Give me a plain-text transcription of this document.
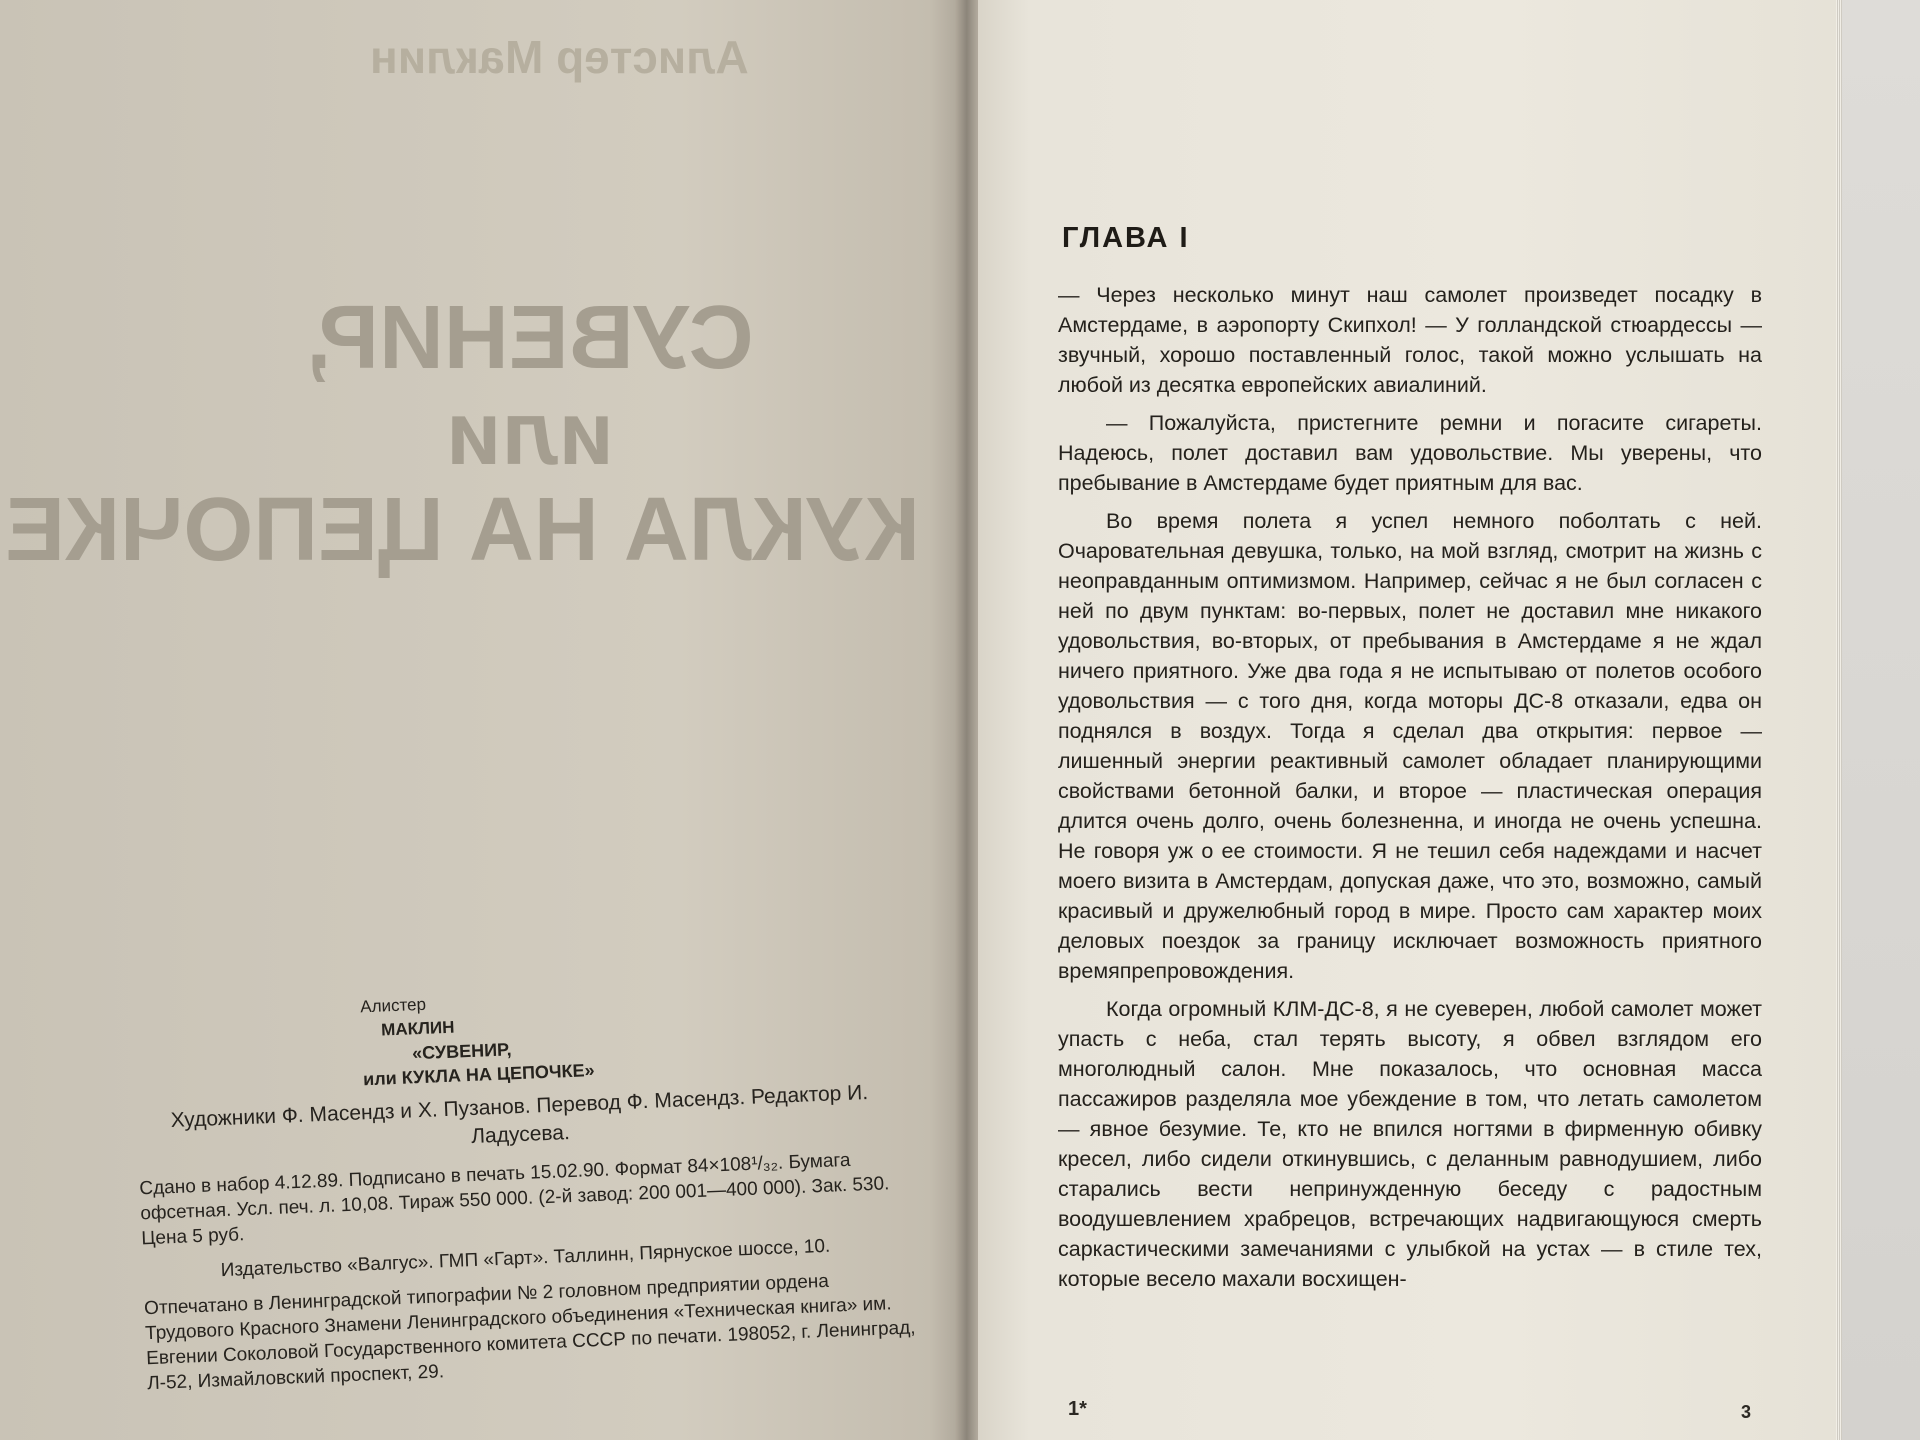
Алистер Маклин
СУВЕНИР,
или
КУКЛА НА ЦЕПОЧКЕ
Алистер
МАКЛИН
«СУВЕНИР,
или КУКЛА НА ЦЕПОЧКЕ»
Художники Ф. Масендз и Х. Пузанов. Перевод Ф. Масендз. Редактор И. Ладусева.
Сдано в набор 4.12.89. Подписано в печать 15.02.90. Формат 84×108¹/₃₂. Бумага офсетная. Усл. печ. л. 10,08. Тираж 550 000. (2-й завод: 200 001—400 000). Зак. 530. Цена 5 руб.
Издательство «Валгус». ГМП «Гарт». Таллинн, Пярнуское шоссе, 10.
Отпечатано в Ленинградской типографии № 2 головном предприятии ордена Трудового Красного Знамени Ленинградского объединения «Техническая книга» им. Евгении Соколовой Государственного комитета СССР по печати. 198052, г. Ленинград, Л-52, Измайловский проспект, 29.
ГЛАВА I

— Через несколько минут наш самолет произведет посадку в Амстердаме, в аэропорту Скипхол! — У голландской стюардессы — звучный, хорошо поставленный голос, такой можно услышать на любой из десятка европейских авиалиний.

— Пожалуйста, пристегните ремни и погасите сигареты. Надеюсь, полет доставил вам удовольствие. Мы уверены, что пребывание в Амстердаме будет приятным для вас.

Во время полета я успел немного поболтать с ней. Очаровательная девушка, только, на мой взгляд, смотрит на жизнь с неоправданным оптимизмом. Например, сейчас я не был согласен с ней по двум пунктам: во-первых, полет не доставил мне никакого удовольствия, во-вторых, от пребывания в Амстердаме я не ждал ничего приятного. Уже два года я не испытываю от полетов особого удовольствия — с того дня, когда моторы ДС-8 отказали, едва он поднялся в воздух. Тогда я сделал два открытия: первое — лишенный энергии реактивный самолет обладает планирующими свойствами бетонной балки, и второе — пластическая операция длится очень долго, очень болезненна, и иногда не очень успешна. Не говоря уж о ее стоимости. Я не тешил себя надеждами и насчет моего визита в Амстердам, допуская даже, что это, возможно, самый красивый и дружелюбный город в мире. Просто сам характер моих деловых поездок за границу исключает возможность приятного времяпрепровождения.

Когда огромный КЛМ-ДС-8, я не суеверен, любой самолет может упасть с неба, стал терять высоту, я обвел взглядом его многолюдный салон. Мне показалось, что основная масса пассажиров разделяла мое убеждение в том, что летать самолетом — явное безумие. Те, кто не впился ногтями в фирменную обивку кресел, либо сидели откинувшись, с деланным равнодушием, либо старались вести непринужденную беседу с радостным воодушевлением храбрецов, встречающих надвигающуюся смерть саркастическими замечаниями с улыбкой на устах — в стиле тех, которые весело махали восхищен-

1*	3
